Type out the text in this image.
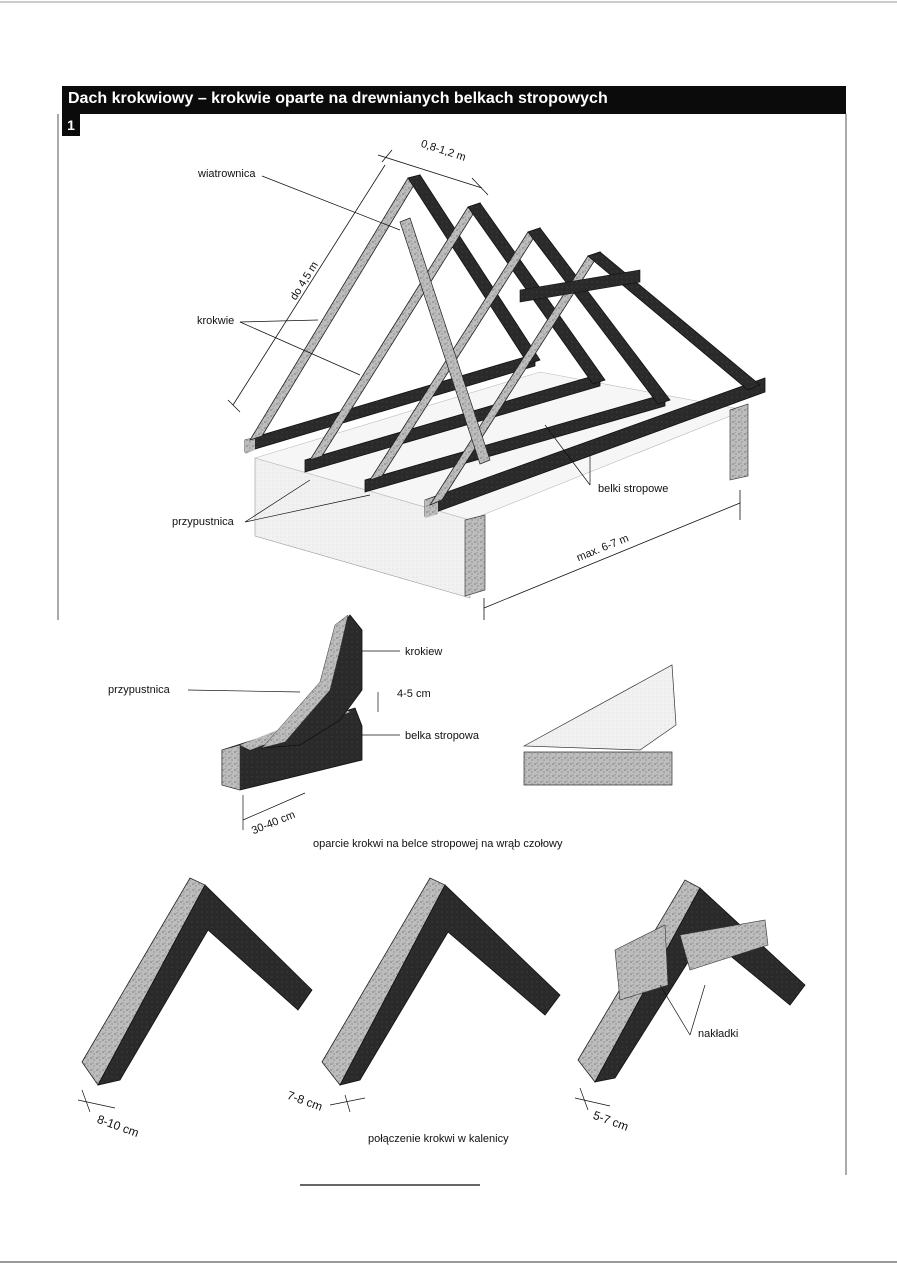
Dach krokwiowy – krokwie oparte na drewnianych belkach stropowych
1
wiatrownica
krokwie
przypustnica
belki stropowe
0,8-1,2 m
do 4,5 m
max. 6-7 m
krokiew
przypustnica
belka stropowa
4-5 cm
30-40 cm
oparcie krokwi na belce stropowej na wrąb czołowy
8-10 cm
7-8 cm
5-7 cm
nakładki
połączenie krokwi w kalenicy
